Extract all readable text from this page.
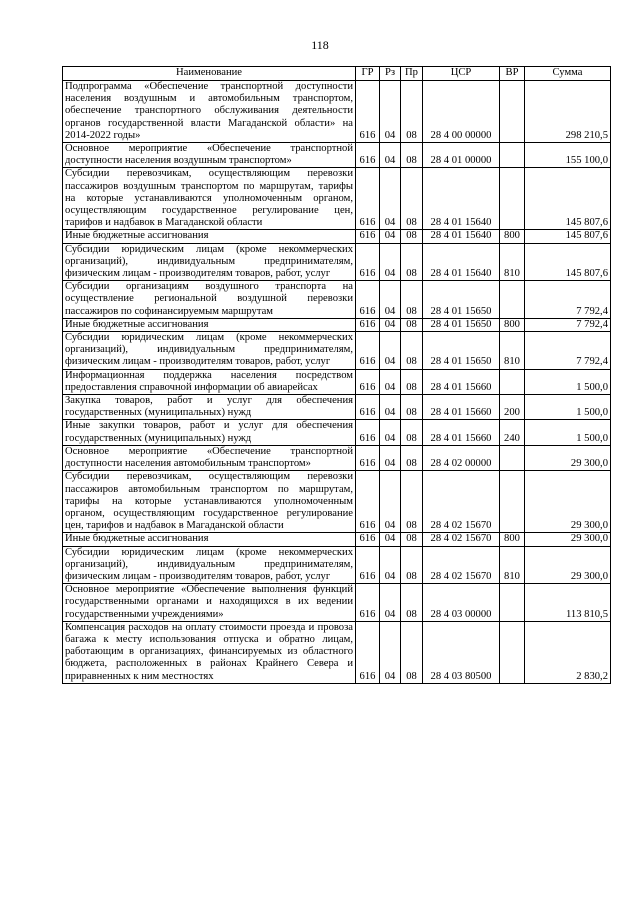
118
Наименование	ГР	Рз	Пр	ЦСР	ВР	Сумма
Подпрограмма «Обеспечение транспортной доступности населения воздушным и автомобильным транспортом, обеспечение транспортного обслуживания деятельности органов государственной власти Магаданской области» на 2014-2022 годы»	616	04	08	28 4 00 00000		298 210,5
Основное мероприятие «Обеспечение транспортной доступности населения воздушным транспортом»	616	04	08	28 4 01 00000		155 100,0
Субсидии перевозчикам, осуществляющим перевозки пассажиров воздушным транспортом по маршрутам, тарифы на которые устанавливаются уполномоченным органом, осуществляющим государственное регулирование цен, тарифов и надбавок в Магаданской области	616	04	08	28 4 01 15640		145 807,6
Иные бюджетные ассигнования	616	04	08	28 4 01 15640	800	145 807,6
Субсидии юридическим лицам (кроме некоммерческих организаций), индивидуальным предпринимателям, физическим лицам - производителям товаров, работ, услуг	616	04	08	28 4 01 15640	810	145 807,6
Субсидии организациям воздушного транспорта на осуществление региональной воздушной перевозки пассажиров по софинансируемым маршрутам	616	04	08	28 4 01 15650		7 792,4
Иные бюджетные ассигнования	616	04	08	28 4 01 15650	800	7 792,4
Субсидии юридическим лицам (кроме некоммерческих организаций), индивидуальным предпринимателям, физическим лицам - производителям товаров, работ, услуг	616	04	08	28 4 01 15650	810	7 792,4
Информационная поддержка населения посредством предоставления справочной информации об авиарейсах	616	04	08	28 4 01 15660		1 500,0
Закупка товаров, работ и услуг для обеспечения государственных (муниципальных) нужд	616	04	08	28 4 01 15660	200	1 500,0
Иные закупки товаров, работ и услуг для обеспечения государственных (муниципальных) нужд	616	04	08	28 4 01 15660	240	1 500,0
Основное мероприятие «Обеспечение транспортной доступности населения автомобильным транспортом»	616	04	08	28 4 02 00000		29 300,0
Субсидии перевозчикам, осуществляющим перевозки пассажиров автомобильным транспортом по маршрутам, тарифы на которые устанавливаются уполномоченным органом, осуществляющим государственное регулирование цен, тарифов и надбавок в Магаданской области	616	04	08	28 4 02 15670		29 300,0
Иные бюджетные ассигнования	616	04	08	28 4 02 15670	800	29 300,0
Субсидии юридическим лицам (кроме некоммерческих организаций), индивидуальным предпринимателям, физическим лицам - производителям товаров, работ, услуг	616	04	08	28 4 02 15670	810	29 300,0
Основное мероприятие «Обеспечение выполнения функций государственными органами и находящихся в их ведении государственными учреждениями»	616	04	08	28 4 03 00000		113 810,5
Компенсация расходов на оплату стоимости проезда и провоза багажа к месту использования отпуска и обратно лицам, работающим в организациях, финансируемых из областного бюджета, расположенных в районах Крайнего Севера и приравненных к ним местностях	616	04	08	28 4 03 80500		2 830,2
